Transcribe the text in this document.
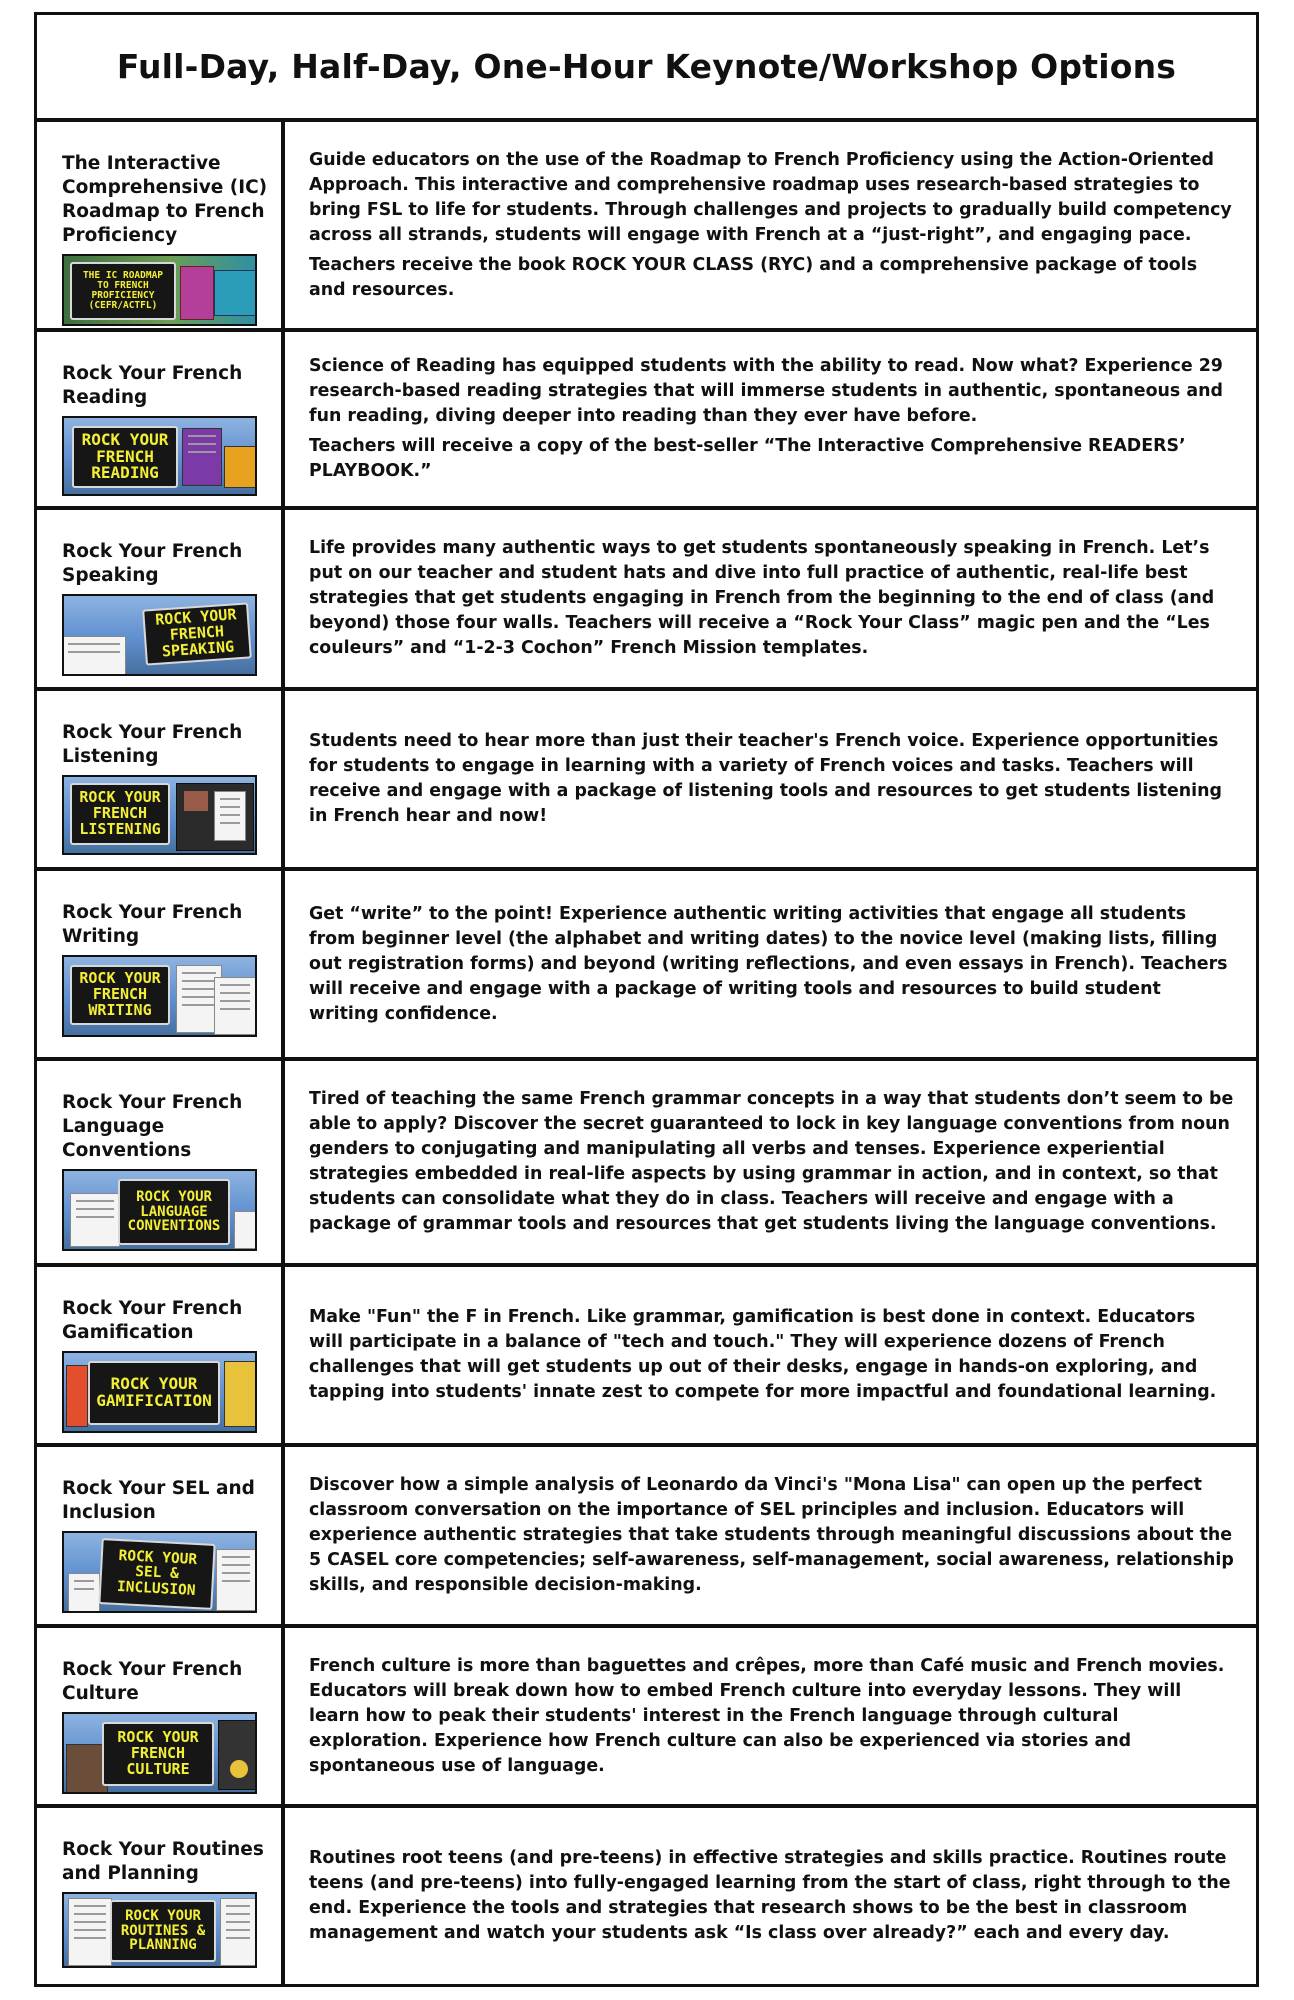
Full-Day, Half-Day, One-Hour Keynote/Workshop Options
The Interactive Comprehensive (IC) Roadmap to French Proficiency
THE IC ROADMAP TO FRENCH PROFICIENCY (CEFR/ACTFL)

Guide educators on the use of the Roadmap to French Proficiency using the Action-Oriented Approach. This interactive and comprehensive roadmap uses research-based strategies to bring FSL to life for students. Through challenges and projects to gradually build competency across all strands, students will engage with French at a “just-right”, and engaging pace.

Teachers receive the book ROCK YOUR CLASS (RYC) and a comprehensive package of tools and resources.

Rock Your French Reading
ROCK YOUR FRENCH READING

Science of Reading has equipped students with the ability to read. Now what? Experience 29 research-based reading strategies that will immerse students in authentic, spontaneous and fun reading, diving deeper into reading than they ever have before.

Teachers will receive a copy of the best-seller “The Interactive Comprehensive READERS’ PLAYBOOK.”

Rock Your French Speaking
ROCK YOUR FRENCH SPEAKING

Life provides many authentic ways to get students spontaneously speaking in French. Let’s put on our teacher and student hats and dive into full practice of authentic, real-life best strategies that get students engaging in French from the beginning to the end of class (and beyond) those four walls. Teachers will receive a “Rock Your Class” magic pen and the “Les couleurs” and “1-2-3 Cochon” French Mission templates.

Rock Your French Listening
ROCK YOUR FRENCH LISTENING

Students need to hear more than just their teacher's French voice. Experience opportunities for students to engage in learning with a variety of French voices and tasks. Teachers will receive and engage with a package of listening tools and resources to get students listening in French hear and now!

Rock Your French Writing
ROCK YOUR FRENCH WRITING

Get “write” to the point! Experience authentic writing activities that engage all students from beginner level (the alphabet and writing dates) to the novice level (making lists, filling out registration forms) and beyond (writing reflections, and even essays in French). Teachers will receive and engage with a package of writing tools and resources to build student writing confidence.

Rock Your French Language Conventions
ROCK YOUR LANGUAGE CONVENTIONS

Tired of teaching the same French grammar concepts in a way that students don’t seem to be able to apply? Discover the secret guaranteed to lock in key language conventions from noun genders to conjugating and manipulating all verbs and tenses. Experience experiential strategies embedded in real-life aspects by using grammar in action, and in context, so that students can consolidate what they do in class. Teachers will receive and engage with a package of grammar tools and resources that get students living the language conventions.

Rock Your French Gamification
ROCK YOUR GAMIFICATION

Make "Fun" the F in French. Like grammar, gamification is best done in context. Educators will participate in a balance of "tech and touch." They will experience dozens of French challenges that will get students up out of their desks, engage in hands-on exploring, and tapping into students' innate zest to compete for more impactful and foundational learning.

Rock Your SEL and Inclusion
ROCK YOUR SEL & INCLUSION

Discover how a simple analysis of Leonardo da Vinci's "Mona Lisa" can open up the perfect classroom conversation on the importance of SEL principles and inclusion. Educators will experience authentic strategies that take students through meaningful discussions about the 5 CASEL core competencies; self-awareness, self-management, social awareness, relationship skills, and responsible decision-making.

Rock Your French Culture
ROCK YOUR FRENCH CULTURE

French culture is more than baguettes and crêpes, more than Café music and French movies. Educators will break down how to embed French culture into everyday lessons. They will learn how to peak their students' interest in the French language through cultural exploration. Experience how French culture can also be experienced via stories and spontaneous use of language.

Rock Your Routines and Planning
ROCK YOUR ROUTINES & PLANNING

Routines root teens (and pre-teens) in effective strategies and skills practice. Routines route teens (and pre-teens) into fully-engaged learning from the start of class, right through to the end. Experience the tools and strategies that research shows to be the best in classroom management and watch your students ask “Is class over already?” each and every day.
